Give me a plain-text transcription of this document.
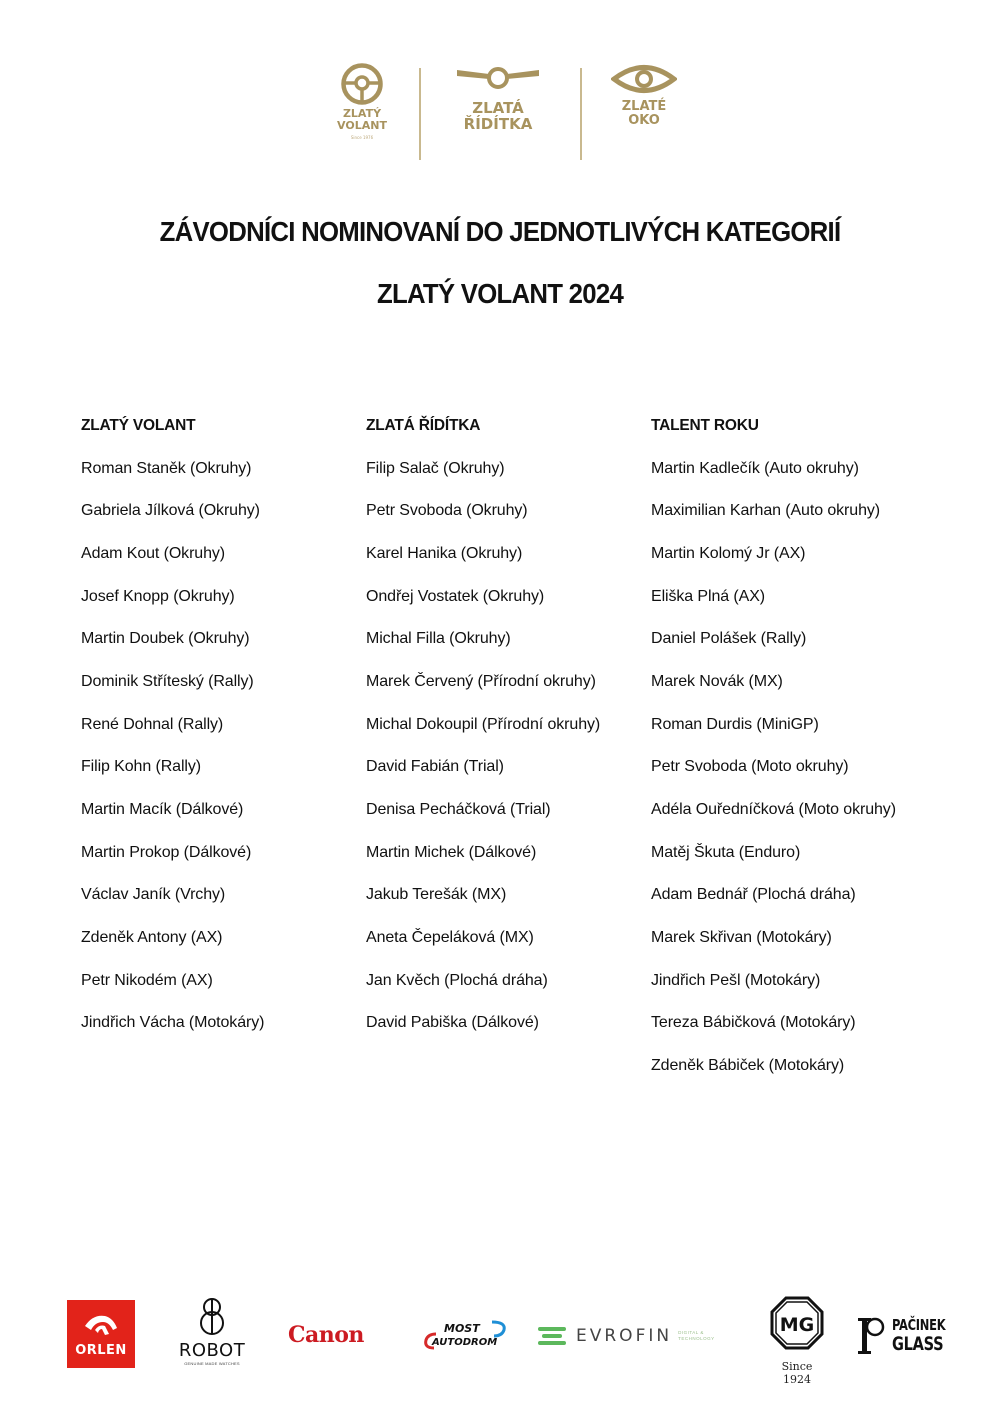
ZLATÝ
VOLANT
Since 1976
ZLATÁ
ŘÍDÍTKA
ZLATÉ
OKO
ZÁVODNÍCI NOMINOVANÍ DO JEDNOTLIVÝCH KATEGORIÍ
ZLATÝ VOLANT 2024
ZLATÝ VOLANT
Roman Staněk (Okruhy)
Gabriela Jílková (Okruhy)
Adam Kout (Okruhy)
Josef Knopp (Okruhy)
Martin Doubek (Okruhy)
Dominik Stříteský (Rally)
René Dohnal (Rally)
Filip Kohn (Rally)
Martin Macík (Dálkové)
Martin Prokop (Dálkové)
Václav Janík (Vrchy)
Zdeněk Antony (AX)
Petr Nikodém (AX)
Jindřich Vácha (Motokáry)
ZLATÁ ŘÍDÍTKA
Filip Salač (Okruhy)
Petr Svoboda (Okruhy)
Karel Hanika (Okruhy)
Ondřej Vostatek (Okruhy)
Michal Filla (Okruhy)
Marek Červený (Přírodní okruhy)
Michal Dokoupil (Přírodní okruhy)
David Fabián (Trial)
Denisa Pecháčková (Trial)
Martin Michek (Dálkové)
Jakub Terešák (MX)
Aneta Čepeláková (MX)
Jan Kvěch (Plochá dráha)
David Pabiška (Dálkové)
TALENT ROKU
Martin Kadlečík (Auto okruhy)
Maximilian Karhan (Auto okruhy)
Martin Kolomý Jr (AX)
Eliška Plná (AX)
Daniel Polášek (Rally)
Marek Novák (MX)
Roman Durdis (MiniGP)
Petr Svoboda (Moto okruhy)
Adéla Ouředníčková (Moto okruhy)
Matěj Škuta (Enduro)
Adam Bednář (Plochá dráha)
Marek Skřivan (Motokáry)
Jindřich Pešl (Motokáry)
Tereza Bábičková (Motokáry)
Zdeněk Bábiček (Motokáry)
ORLEN	ROBOT
GENUINE MADE WATCHES
Canon	MOST
AUTODROM	EVROFIN DIGITAL &
TECHNOLOGY
MG
Since 1924
PAČINEK
GLASS
